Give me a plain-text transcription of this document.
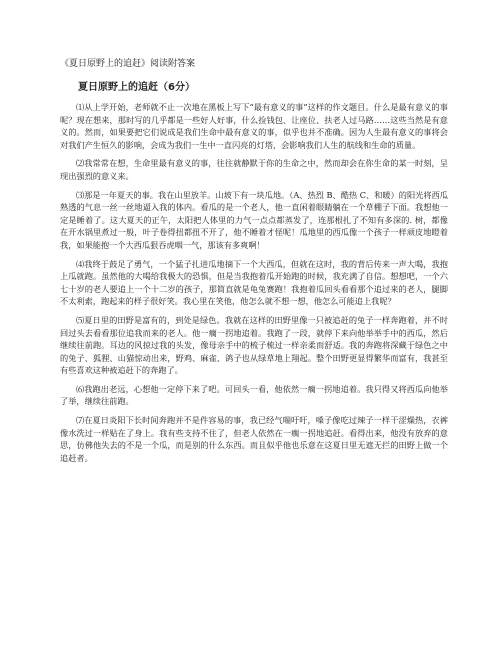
《夏日原野上的追赶》阅读附答案
夏日原野上的追赶（6分）

⑴从上学开始，老师就不止一次地在黑板上写下“最有意义的事”这样的作文题目。什么是最有意义的事呢？现在想来，那时写的几乎都是一些好人好事，什么捡钱包、让座位、扶老人过马路……这些当然是有意义的。然而，如果要把它们说成是我们生命中最有意义的事，似乎也并不准确。因为人生最有意义的事将会对我们产生恒久的影响，会成为我们一生中一直闪亮的灯塔，会影响我们人生的航线和生命的质量。

⑵我常常在想，生命里最有意义的事，往往就静默于你的生命之中，然而却会在你生命的某一时刻，呈现出强烈的意义来。

⑶那是一年夏天的事。我在山里放羊。山坡下有一块瓜地。（A、热烈 B、酷热 C、和暖）的阳光将西瓜熟透的气息一丝一丝地逼入我的体内。看瓜的是一个老人，他一直闲着眼睛躺在一个草棚子下面。我想他一定是睡着了。这大夏天的正午，太阳把人体里的力气一点点都蒸发了，连那根扎了不知有多深的. 树，都像在开水锅里煮过一般，叶子卷得扭都扭不开了，他不睡着才怪呢！瓜地里的西瓜像一个孩子一样顽皮地瞪着我，如果能抱一个大西瓜狠吞虎咽一气，那该有多爽啊！

⑷我终于鼓足了勇气，一个猛子扎进瓜地摘下一个大西瓜，但就在这时，我的背后传来一声大喝，我抱上瓜就跑。虽然他的大喝给我极大的恐惧，但是当我抱着瓜开始跑的时候，我充满了自信。想想吧，一个六七十岁的老人要追上一个十二岁的孩子，那简直就是龟兔赛跑！我抱着瓜回头看看那个追过来的老人，腿脚不太利索，跑起来的样子很好笑。我心里在笑他，他怎么就不想一想，他怎么可能追上我呢？

⑸夏日里的田野是富有的，到处是绿色。我就在这样的田野里像一只被追赶的兔子一样奔跑着，并不时回过头去看看那位追我而来的老人。他一瘸一拐地追着。我跑了一段，就停下来向他举举手中的西瓜，然后继续往前跑。耳边的风掠过我的头发，像母亲手中的梳子梳过一样亲柔而舒适。我的奔跑将深藏于绿色之中的兔子、狐狸、山猫惊动出来，野鸡、麻雀、鸽子也从绿草地上翔起。整个田野更显得繁华而富有，我甚至有些喜欢这种被追赶下的奔跑了。

⑹我跑出老远，心想他一定停下来了吧。可回头一看，他依然一瘸一拐地追着。我只得又将西瓜向他举了举，继续往前跑。

⑺在夏日炎阳下长时间奔跑并不是件容易的事，我已经气喘吁吁，嗓子像吃过辣子一样干涩燥热，衣裤像水洗过一样贴在了身上。我有些支持不住了，但老人依然在一瘸一拐地追赶。看得出来，他没有放弃的意思，仿佛他失去的不是一个瓜，而是别的什么东西。而且似乎他也乐意在这夏日里无遮无拦的田野上做一个追赶者。
